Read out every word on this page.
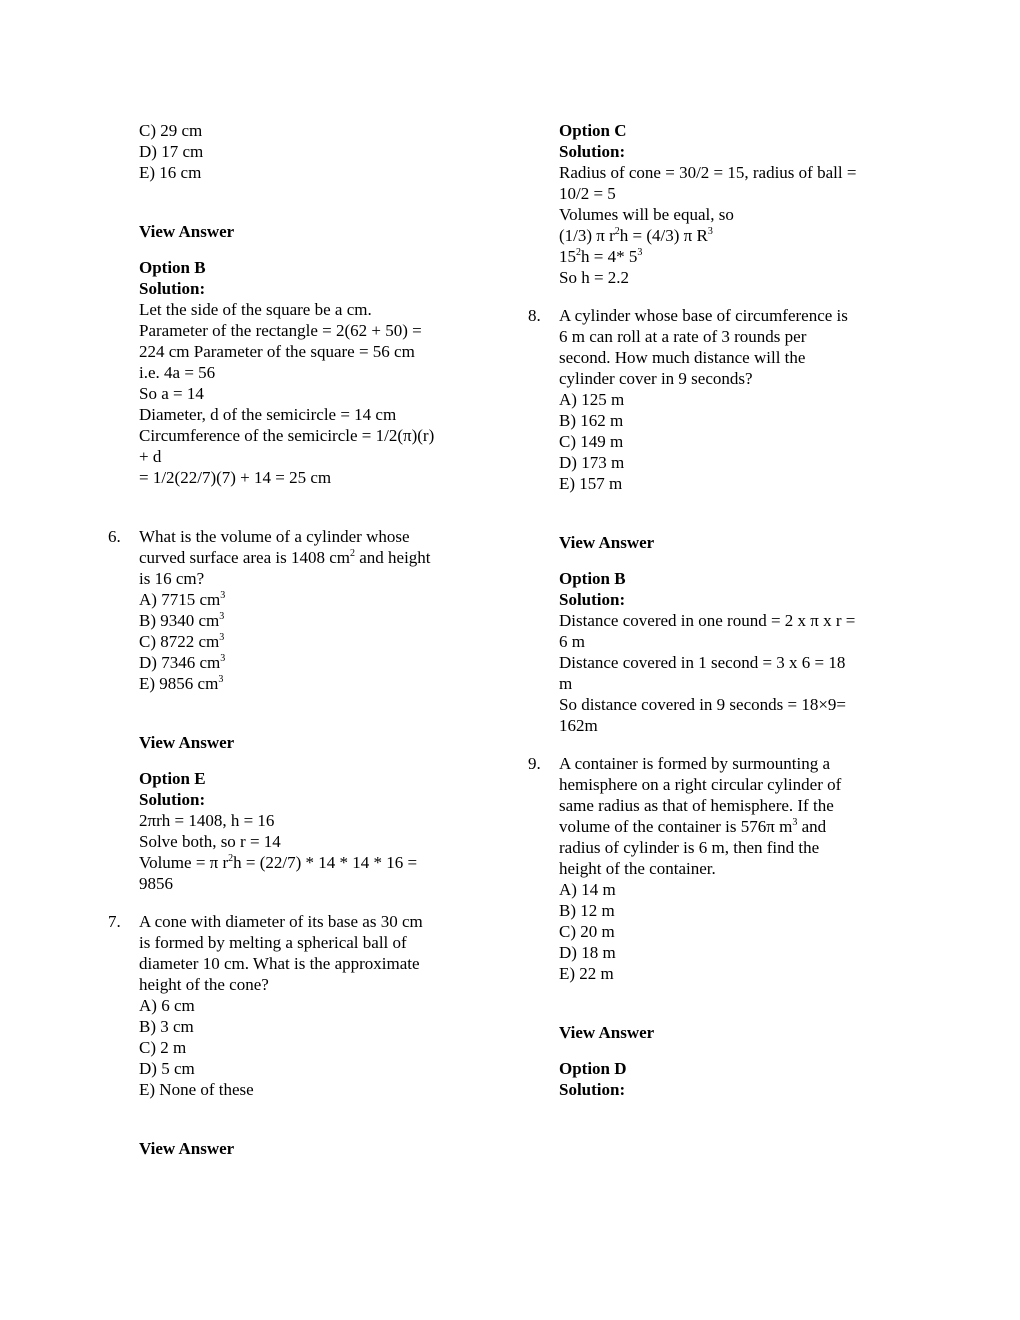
C) 29 cm
D) 17 cm
E) 16 cm
View Answer
Option B
Solution:
Let the side of the square be a cm.
Parameter of the rectangle = 2(62 + 50) =
224 cm Parameter of the square = 56 cm
i.e. 4a = 56
So a = 14
Diameter, d of the semicircle = 14 cm
Circumference of the semicircle = 1/2(π)(r)
+ d
= 1/2(22/7)(7) + 14 = 25 cm
6. What is the volume of a cylinder whose
curved surface area is 1408 $cm^2$ and height
is 16 cm?
A) 7715 $cm^3$
B) 9340 $cm^3$
C) 8722 $cm^3$
D) 7346 $cm^3$
E) 9856 $cm^3$
View Answer
Option E
Solution:
2πrh = 1408, h = 16
Solve both, so r = 14
Volume = π $r^2h = (22/7) * 14 * 14 * 16$ =
9856
7. A cone with diameter of its base as 30 cm
is formed by melting a spherical ball of
diameter 10 cm. What is the approximate
height of the cone?
A) 6 cm
B) 3 cm
C) 2 m
D) 5 cm
E) None of these
View Answer
Option C
Solution:
Radius of cone = 30/2 = 15, radius of ball =
10/2 = 5
Volumes will be equal, so
(1/3) π $r^2h = (4/3)$ π $R^3$
$15^2h = 4*$ $5^3$
So h = 2.2
8. A cylinder whose base of circumference is
6 m can roll at a rate of 3 rounds per
second. How much distance will the
cylinder cover in 9 seconds?
A) 125 m
B) 162 m
C) 149 m
D) 173 m
E) 157 m
View Answer
Option B
Solution:
Distance covered in one round = 2 x π x r =
6 m
Distance covered in 1 second = 3 x 6 = 18
m
So distance covered in 9 seconds = 18×9=
162m
9. A container is formed by surmounting a
hemisphere on a right circular cylinder of
same radius as that of hemisphere. If the
volume of the container is 576π $m^3$ and
radius of cylinder is 6 m, then find the
height of the container.
A) 14 m
B) 12 m
C) 20 m
D) 18 m
E) 22 m
View Answer
Option D
Solution:
